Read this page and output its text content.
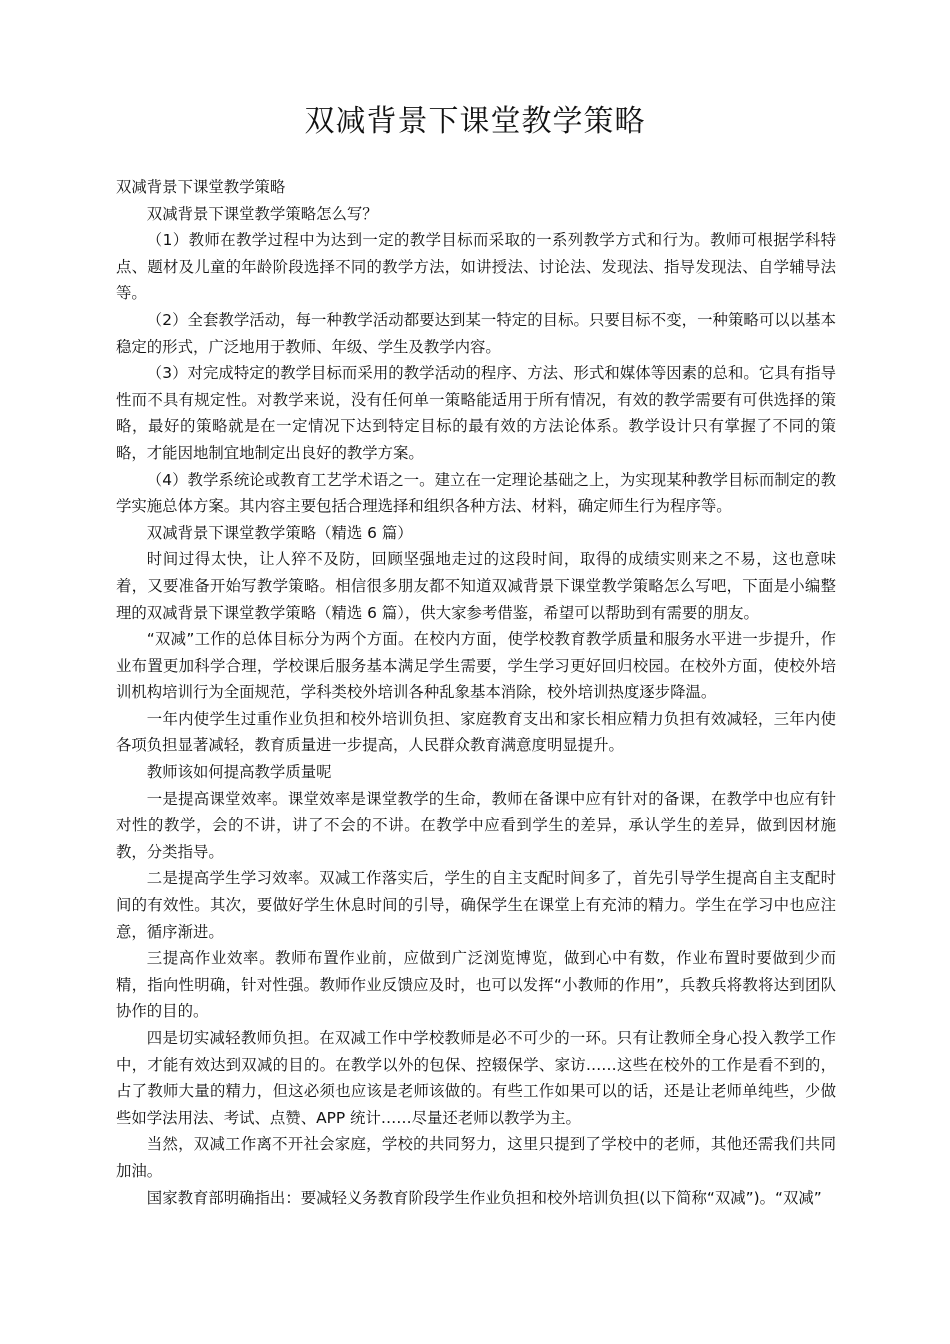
双减背景下课堂教学策略

双减背景下课堂教学策略

双减背景下课堂教学策略怎么写？

（1）教师在教学过程中为达到一定的教学目标而采取的一系列教学方式和行为。教师可根据学科特点、题材及儿童的年龄阶段选择不同的教学方法，如讲授法、讨论法、发现法、指导发现法、自学辅导法等。

（2）全套教学活动，每一种教学活动都要达到某一特定的目标。只要目标不变，一种策略可以以基本稳定的形式，广泛地用于教师、年级、学生及教学内容。

（3）对完成特定的教学目标而采用的教学活动的程序、方法、形式和媒体等因素的总和。它具有指导性而不具有规定性。对教学来说，没有任何单一策略能适用于所有情况，有效的教学需要有可供选择的策略，最好的策略就是在一定情况下达到特定目标的最有效的方法论体系。教学设计只有掌握了不同的策略，才能因地制宜地制定出良好的教学方案。

（4）教学系统论或教育工艺学术语之一。建立在一定理论基础之上，为实现某种教学目标而制定的教学实施总体方案。其内容主要包括合理选择和组织各种方法、材料，确定师生行为程序等。

双减背景下课堂教学策略（精选 6 篇）

时间过得太快，让人猝不及防，回顾坚强地走过的这段时间，取得的成绩实则来之不易，这也意味着，又要准备开始写教学策略。相信很多朋友都不知道双减背景下课堂教学策略怎么写吧，下面是小编整理的双减背景下课堂教学策略（精选 6 篇），供大家参考借鉴，希望可以帮助到有需要的朋友。

“双减”工作的总体目标分为两个方面。在校内方面，使学校教育教学质量和服务水平进一步提升，作业布置更加科学合理，学校课后服务基本满足学生需要，学生学习更好回归校园。在校外方面，使校外培训机构培训行为全面规范，学科类校外培训各种乱象基本消除，校外培训热度逐步降温。

一年内使学生过重作业负担和校外培训负担、家庭教育支出和家长相应精力负担有效减轻，三年内使各项负担显著减轻，教育质量进一步提高，人民群众教育满意度明显提升。

教师该如何提高教学质量呢

一是提高课堂效率。课堂效率是课堂教学的生命，教师在备课中应有针对的备课，在教学中也应有针对性的教学，会的不讲，讲了不会的不讲。在教学中应看到学生的差异，承认学生的差异，做到因材施教，分类指导。

二是提高学生学习效率。双减工作落实后，学生的自主支配时间多了，首先引导学生提高自主支配时间的有效性。其次，要做好学生休息时间的引导，确保学生在课堂上有充沛的精力。学生在学习中也应注意，循序渐进。

三提高作业效率。教师布置作业前，应做到广泛浏览博览，做到心中有数，作业布置时要做到少而精，指向性明确，针对性强。教师作业反馈应及时，也可以发挥“小教师的作用”，兵教兵将教将达到团队协作的目的。

四是切实减轻教师负担。在双减工作中学校教师是必不可少的一环。只有让教师全身心投入教学工作中，才能有效达到双减的目的。在教学以外的包保、控辍保学、家访……这些在校外的工作是看不到的，占了教师大量的精力，但这必须也应该是老师该做的。有些工作如果可以的话，还是让老师单纯些，少做些如学法用法、考试、点赞、APP 统计……尽量还老师以教学为主。

当然，双减工作离不开社会家庭，学校的共同努力，这里只提到了学校中的老师，其他还需我们共同加油。

国家教育部明确指出：要减轻义务教育阶段学生作业负担和校外培训负担(以下简称“双减”)。“双减”
